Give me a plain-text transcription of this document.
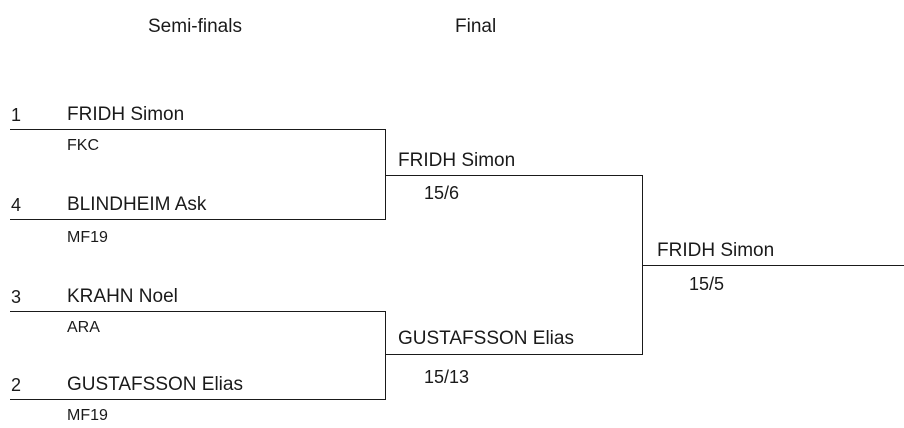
Semi-finals	Final
1 FRIDH Simon
FKC
4 BLINDHEIM Ask
MF19
3 KRAHN Noel
ARA
2 GUSTAFSSON Elias
MF19
FRIDH Simon
15/6
GUSTAFSSON Elias
15/13
FRIDH Simon
15/5
